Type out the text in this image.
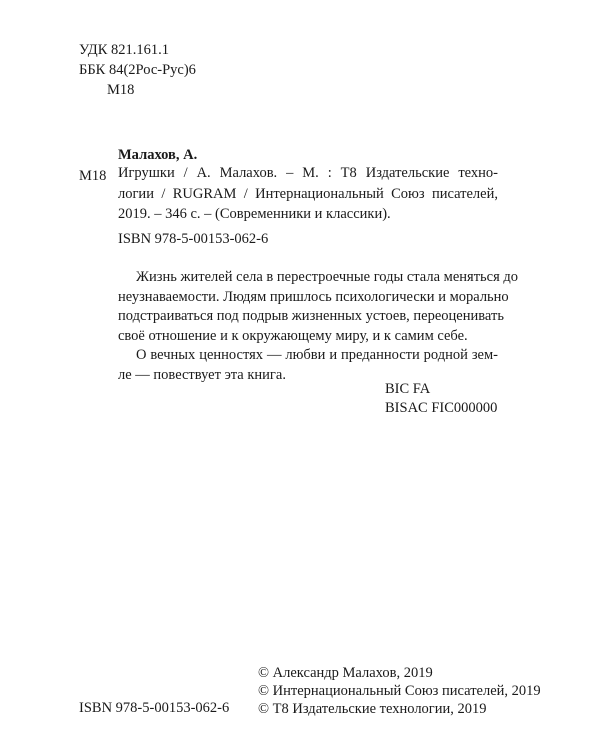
УДК 821.161.1
ББК 84(2Рос-Рус)6
М18
Малахов, А.
М18 Игрушки / А. Малахов. – М. : Т8 Издательские техно-
логии / RUGRAM / Интернациональный Союз писателей,
2019. – 346 с. – (Современники и классики).
ISBN 978-5-00153-062-6
Жизнь жителей села в перестроечные годы стала меняться до
неузнаваемости. Людям пришлось психологически и морально
подстраиваться под подрыв жизненных устоев, переоценивать
своё отношение и к окружающему миру, и к самим себе.
О вечных ценностях — любви и преданности родной зем-
ле — повествует эта книга.
BIC FA
BISAC FIC000000
© Александр Малахов, 2019
© Интернациональный Союз писателей, 2019
© Т8 Издательские технологии, 2019
ISBN 978-5-00153-062-6
